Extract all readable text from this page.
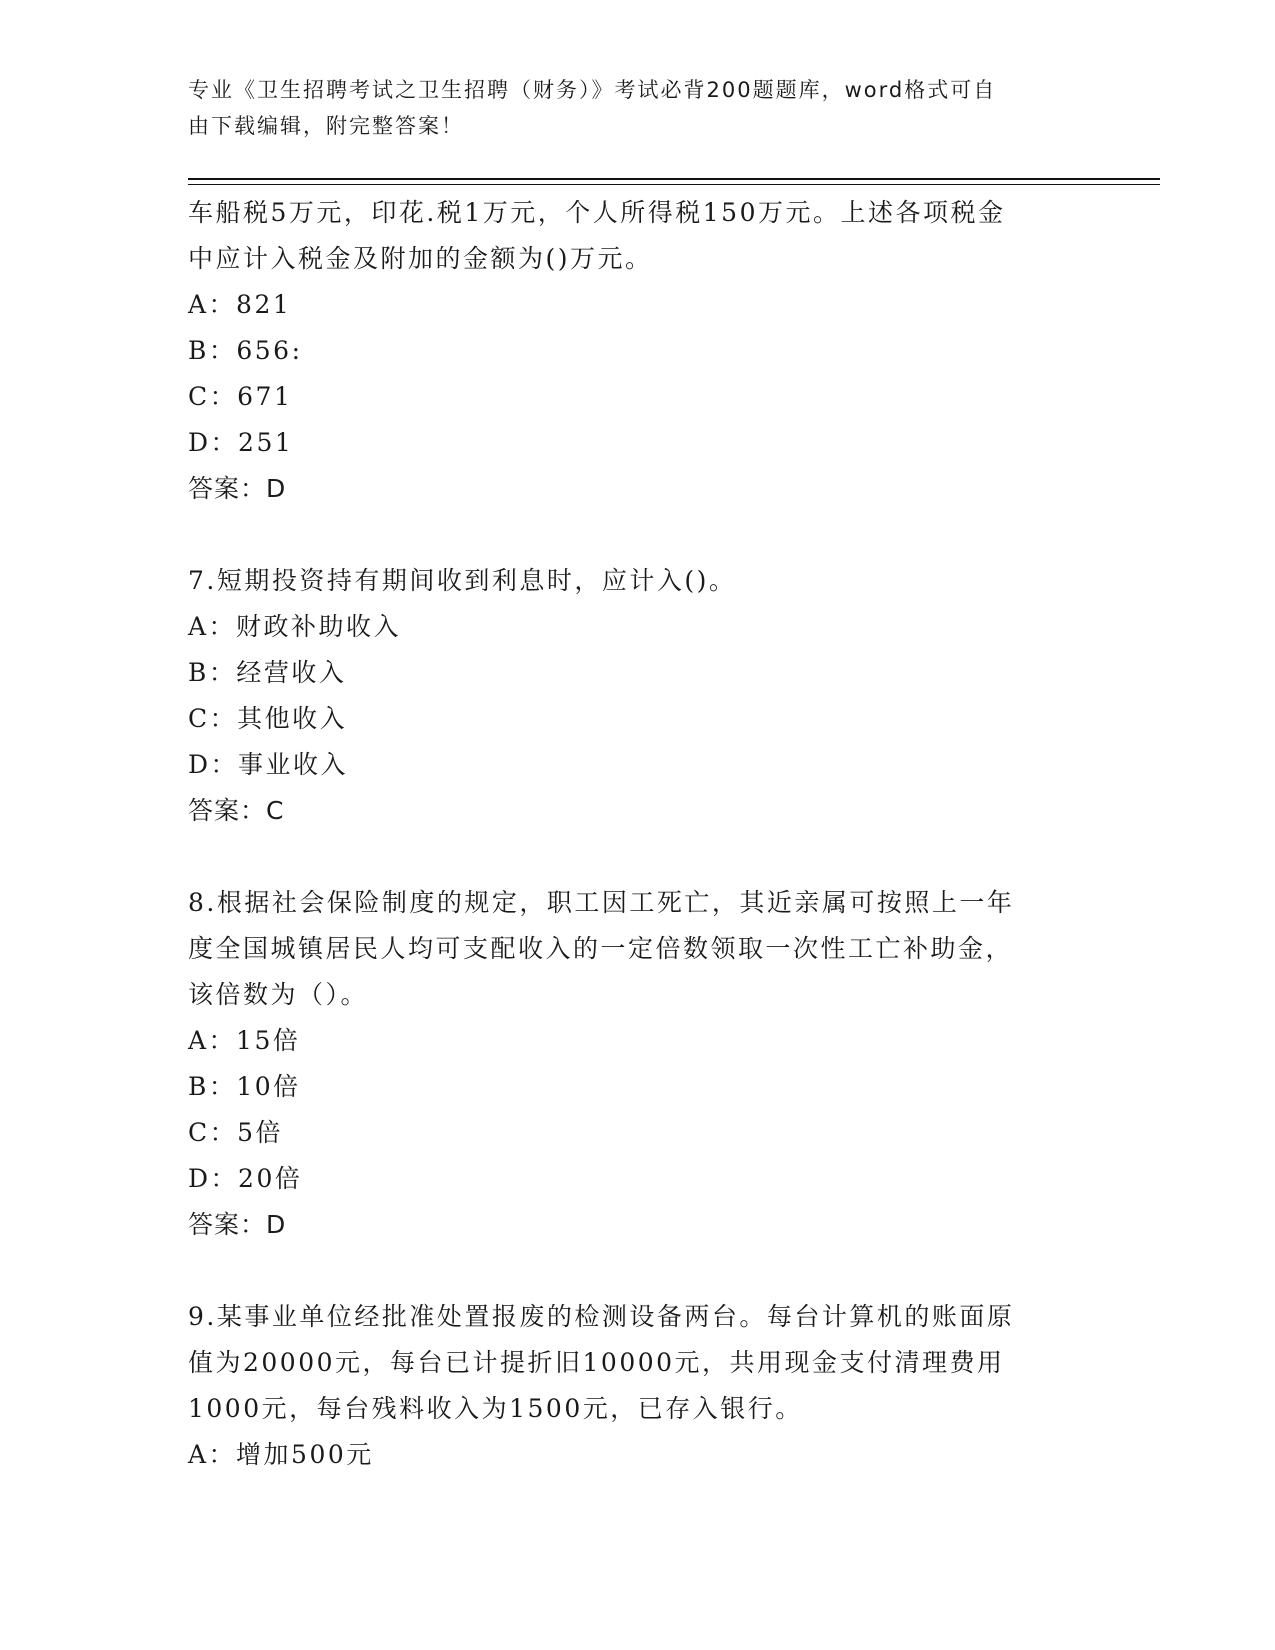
专业《卫生招聘考试之卫生招聘（财务）》考试必背200题题库，word格式可自
由下载编辑，附完整答案！
车船税5万元，印花.税1万元，个人所得税150万元。上述各项税金
中应计入税金及附加的金额为()万元。
A：821
B：656:
C：671
D：251
答案：D
7.短期投资持有期间收到利息时，应计入()。
A：财政补助收入
B：经营收入
C：其他收入
D：事业收入
答案：C
8.根据社会保险制度的规定，职工因工死亡，其近亲属可按照上一年
度全国城镇居民人均可支配收入的一定倍数领取一次性工亡补助金，
该倍数为（）。
A：15倍
B：10倍
C：5倍
D：20倍
答案：D
9.某事业单位经批准处置报废的检测设备两台。每台计算机的账面原
值为20000元，每台已计提折旧10000元，共用现金支付清理费用
1000元，每台残料收入为1500元，已存入银行。
A：增加500元
